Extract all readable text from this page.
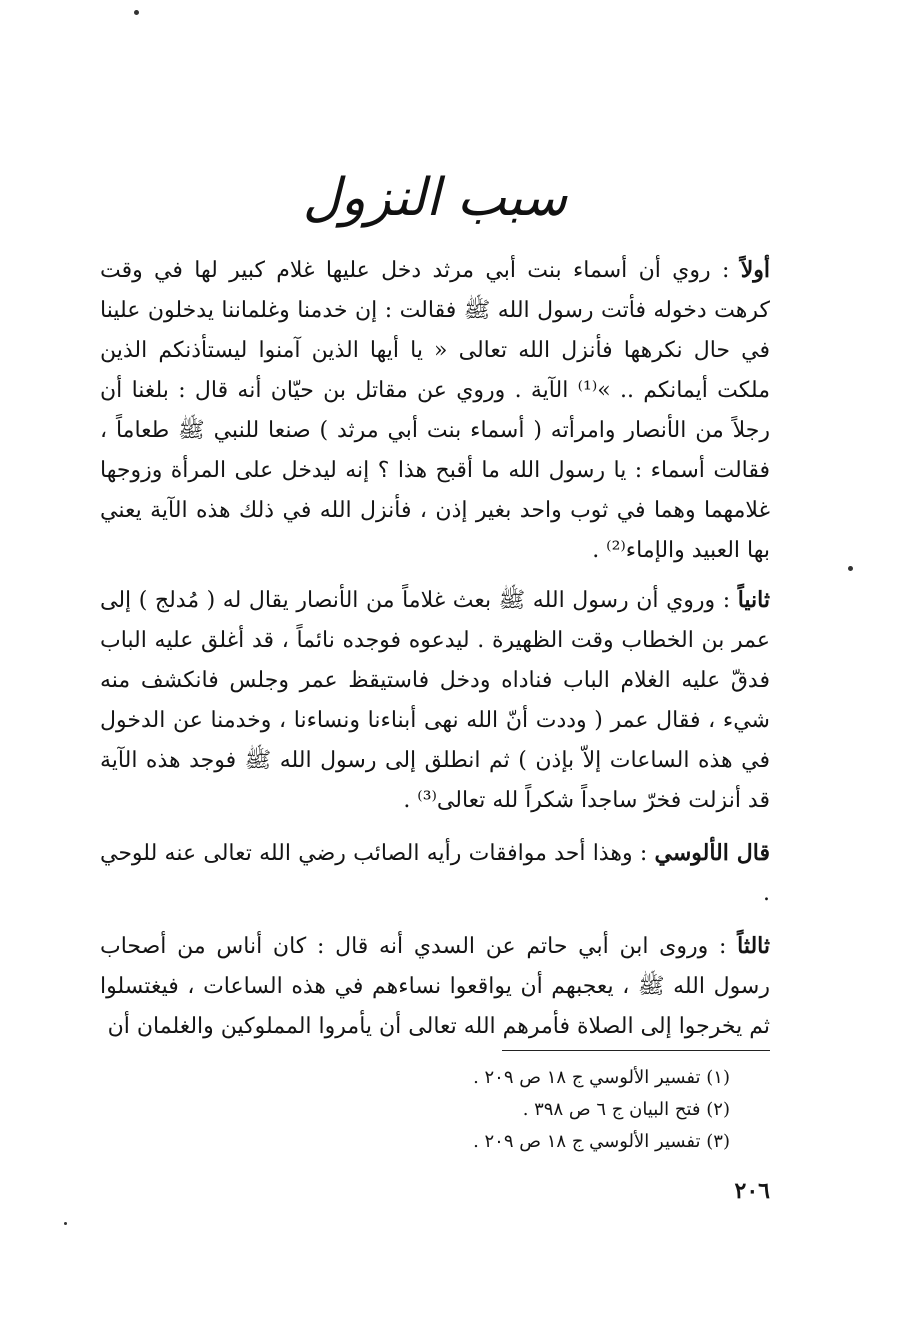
سبب النزول
أولاً : روي أن أسماء بنت أبي مرثد دخل عليها غلام كبير لها في وقت كرهت دخوله فأتت رسول الله ﷺ فقالت : إن خدمنا وغلماننا يدخلون علينا في حال نكرهها فأنزل الله تعالى « يا أيها الذين آمنوا ليستأذنكم الذين ملكت أيمانكم .. »⁽¹⁾ الآية . وروي عن مقاتل بن حيّان أنه قال : بلغنا أن رجلاً من الأنصار وامرأته ( أسماء بنت أبي مرثد ) صنعا للنبي ﷺ طعاماً ، فقالت أسماء : يا رسول الله ما أقبح هذا ؟ إنه ليدخل على المرأة وزوجها غلامهما وهما في ثوب واحد بغير إذن ، فأنزل الله في ذلك هذه الآية يعني بها العبيد والإماء⁽²⁾ .
ثانياً : وروي أن رسول الله ﷺ بعث غلاماً من الأنصار يقال له ( مُدلج ) إلى عمر بن الخطاب وقت الظهيرة . ليدعوه فوجده نائماً ، قد أغلق عليه الباب فدقّ عليه الغلام الباب فناداه ودخل فاستيقظ عمر وجلس فانكشف منه شيء ، فقال عمر ( وددت أنّ الله نهى أبناءنا ونساءنا ، وخدمنا عن الدخول في هذه الساعات إلاّ بإذن ) ثم انطلق إلى رسول الله ﷺ فوجد هذه الآية قد أنزلت فخرّ ساجداً شكراً لله تعالى⁽³⁾ .
قال الألوسي : وهذا أحد موافقات رأيه الصائب رضي الله تعالى عنه للوحي .
ثالثاً : وروى ابن أبي حاتم عن السدي أنه قال : كان أناس من أصحاب رسول الله ﷺ ، يعجبهم أن يواقعوا نساءهم في هذه الساعات ، فيغتسلوا ثم يخرجوا إلى الصلاة فأمرهم الله تعالى أن يأمروا المملوكين والغلمان أن
(١) تفسير الألوسي ج ١٨ ص ٢٠٩ .
(٢) فتح البيان ج ٦ ص ٣٩٨ .
(٣) تفسير الألوسي ج ١٨ ص ٢٠٩ .
٢٠٦
